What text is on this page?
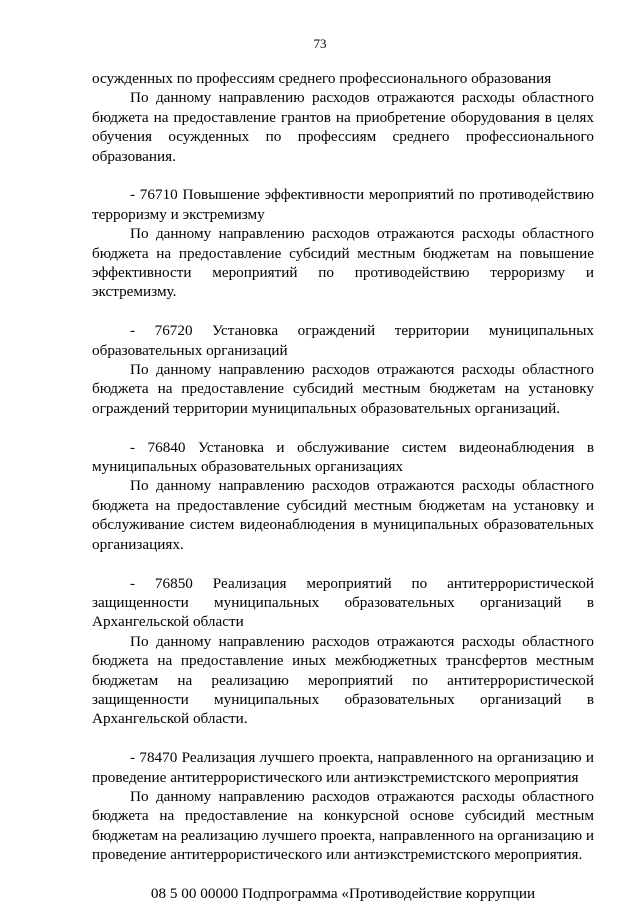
73

осужденных по профессиям среднего профессионального образования

По данному направлению расходов отражаются расходы областного бюджета на предоставление грантов на приобретение оборудования в целях обучения осужденных по профессиям среднего профессионального образования.

- 76710 Повышение эффективности мероприятий по противодействию терроризму и экстремизму

По данному направлению расходов отражаются расходы областного бюджета на предоставление субсидий местным бюджетам на повышение эффективности мероприятий по противодействию терроризму и экстремизму.

- 76720 Установка ограждений территории муниципальных образовательных организаций

По данному направлению расходов отражаются расходы областного бюджета на предоставление субсидий местным бюджетам на установку ограждений территории муниципальных образовательных организаций.

- 76840 Установка и обслуживание систем видеонаблюдения в муниципальных образовательных организациях

По данному направлению расходов отражаются расходы областного бюджета на предоставление субсидий местным бюджетам на установку и обслуживание систем видеонаблюдения в муниципальных образовательных организациях.

- 76850 Реализация мероприятий по антитеррористической защищенности муниципальных образовательных организаций в Архангельской области

По данному направлению расходов отражаются расходы областного бюджета на предоставление иных межбюджетных трансфертов местным бюджетам на реализацию мероприятий по антитеррористической защищенности муниципальных образовательных организаций в Архангельской области.

- 78470 Реализация лучшего проекта, направленного на организацию и проведение антитеррористического или антиэкстремистского мероприятия

По данному направлению расходов отражаются расходы областного бюджета на предоставление на конкурсной основе субсидий местным бюджетам на реализацию лучшего проекта, направленного на организацию и проведение антитеррористического или антиэкстремистского мероприятия.

08 5 00 00000 Подпрограмма «Противодействие коррупции
